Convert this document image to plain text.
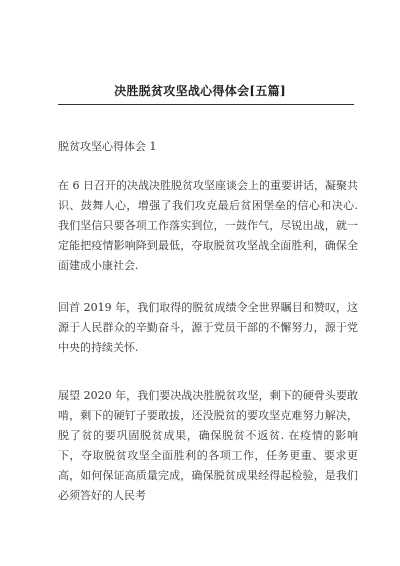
决胜脱贫攻坚战心得体会[五篇]
脱贫攻坚心得体会 1
在 6 日召开的决战决胜脱贫攻坚座谈会上的重要讲话，凝聚共识、鼓舞人心，增强了我们攻克最后贫困堡垒的信心和决心. 我们坚信只要各项工作落实到位，一鼓作气，尽锐出战，就一定能把疫情影响降到最低，夺取脱贫攻坚战全面胜利，确保全面建成小康社会.
回首 2019 年，我们取得的脱贫成绩令全世界瞩目和赞叹，这源于人民群众的辛勤奋斗，源于党员干部的不懈努力，源于党中央的持续关怀.
展望 2020 年，我们要决战决胜脱贫攻坚，剩下的硬骨头要敢啃，剩下的硬钉子要敢拔，还没脱贫的要攻坚克难努力解决，脱了贫的要巩固脱贫成果，确保脱贫不返贫. 在疫情的影响下，夺取脱贫攻坚全面胜利的各项工作，任务更重、要求更高，如何保证高质量完成，确保脱贫成果经得起检验，是我们必须答好的人民考
